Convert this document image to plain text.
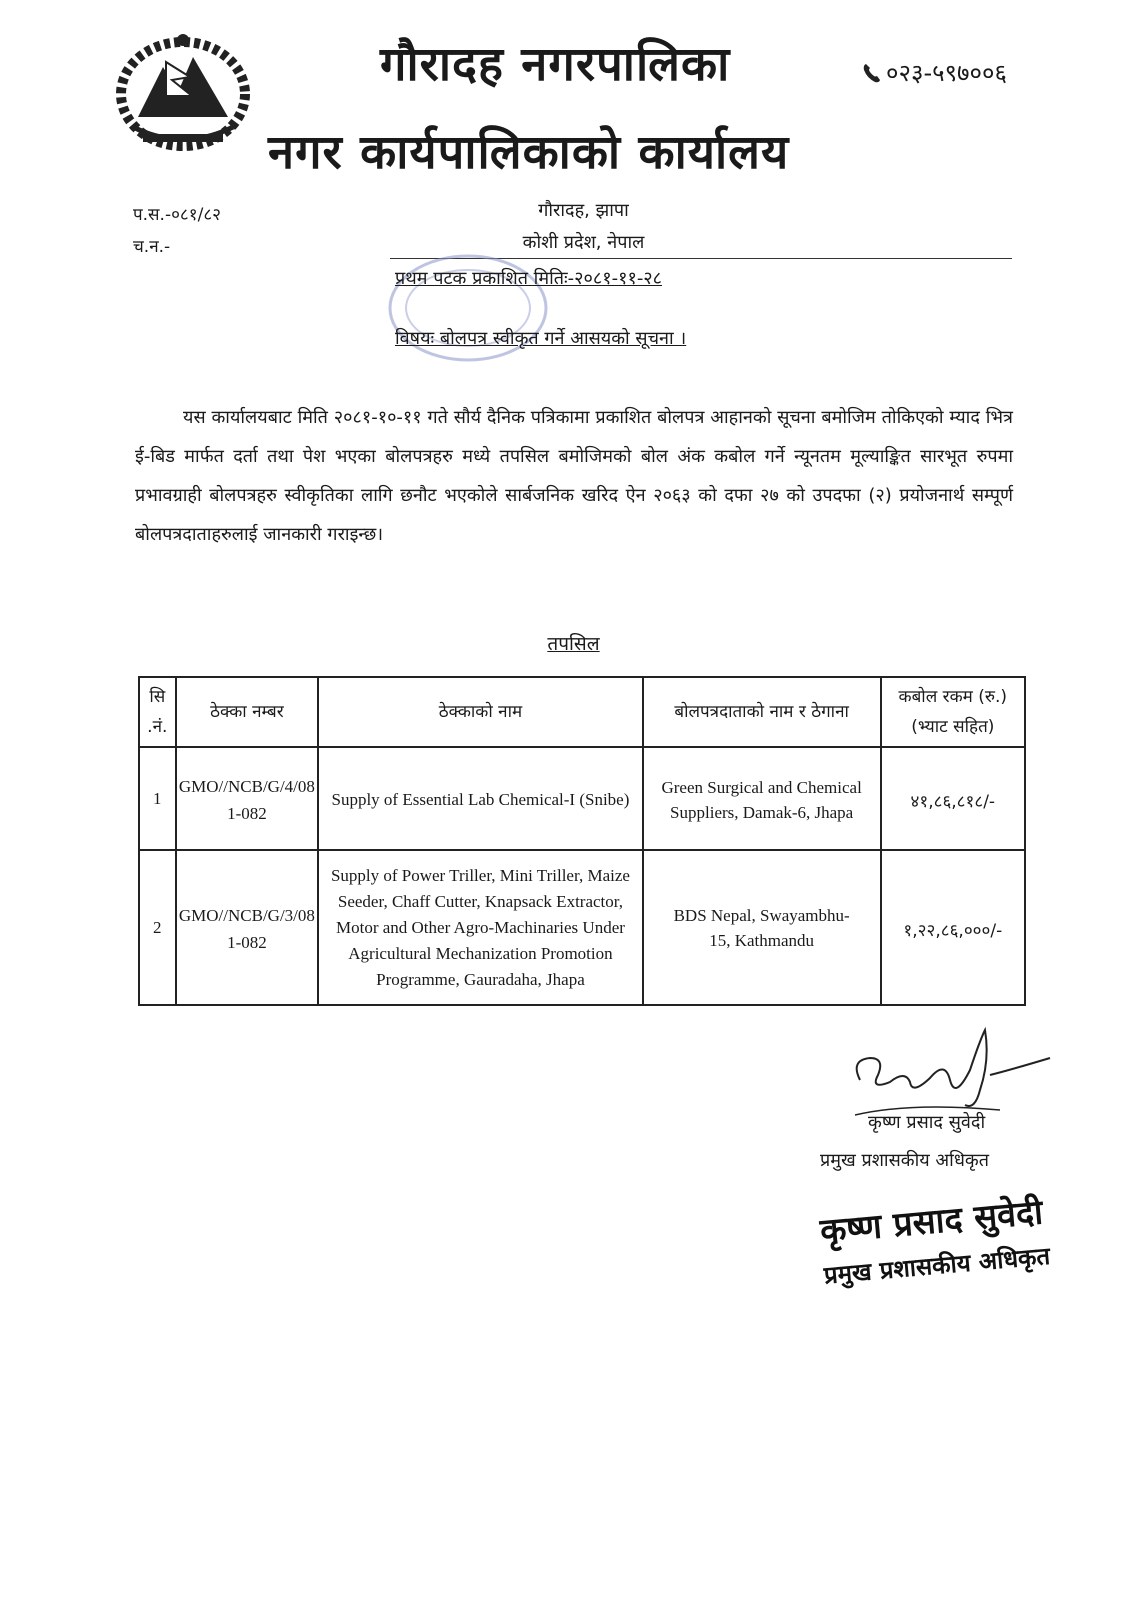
गौरादह नगरपालिका
नगर कार्यपालिकाको कार्यालय
०२३-५९७००६
प.स.-०८१/८२
च.न.-
गौरादह, झापा
कोशी प्रदेश, नेपाल
प्रथम पटक प्रकाशित मितिः-२०८१-११-२८
विषयः बोलपत्र स्वीकृत गर्ने आसयको सूचना ।
यस कार्यालयबाट मिति २०८१-१०-११ गते सौर्य दैनिक पत्रिकामा प्रकाशित बोलपत्र आहानको सूचना बमोजिम तोकिएको म्याद भित्र ई-बिड मार्फत दर्ता तथा पेश भएका बोलपत्रहरु मध्ये तपसिल बमोजिमको बोल अंक कबोल गर्ने न्यूनतम मूल्याङ्कित सारभूत रुपमा प्रभावग्राही बोलपत्रहरु स्वीकृतिका लागि छनौट भएकोले सार्बजनिक खरिद ऐन २०६३ को दफा २७ को उपदफा (२) प्रयोजनार्थ सम्पूर्ण बोलपत्रदाताहरुलाई जानकारी गराइन्छ।
तपसिल
सि .नं.	ठेक्का नम्बर	ठेक्काको नाम	बोलपत्रदाताको नाम र ठेगाना	कबोल रकम (रु.) (भ्याट सहित)
1	GMO//NCB/G/4/081-082	Supply of Essential Lab Chemical-I (Snibe)	Green Surgical and Chemical Suppliers, Damak-6, Jhapa	४१,८६,८१८/-
2	GMO//NCB/G/3/081-082	Supply of Power Triller, Mini Triller, Maize Seeder, Chaff Cutter, Knapsack Extractor, Motor and Other Agro-Machinaries Under Agricultural Mechanization Promotion Programme, Gauradaha, Jhapa	BDS Nepal, Swayambhu-15, Kathmandu	१,२२,८६,०००/-
कृष्ण प्रसाद सुवेदी
प्रमुख प्रशासकीय अधिकृत
कृष्ण प्रसाद सुवेदी
प्रमुख प्रशासकीय अधिकृत
